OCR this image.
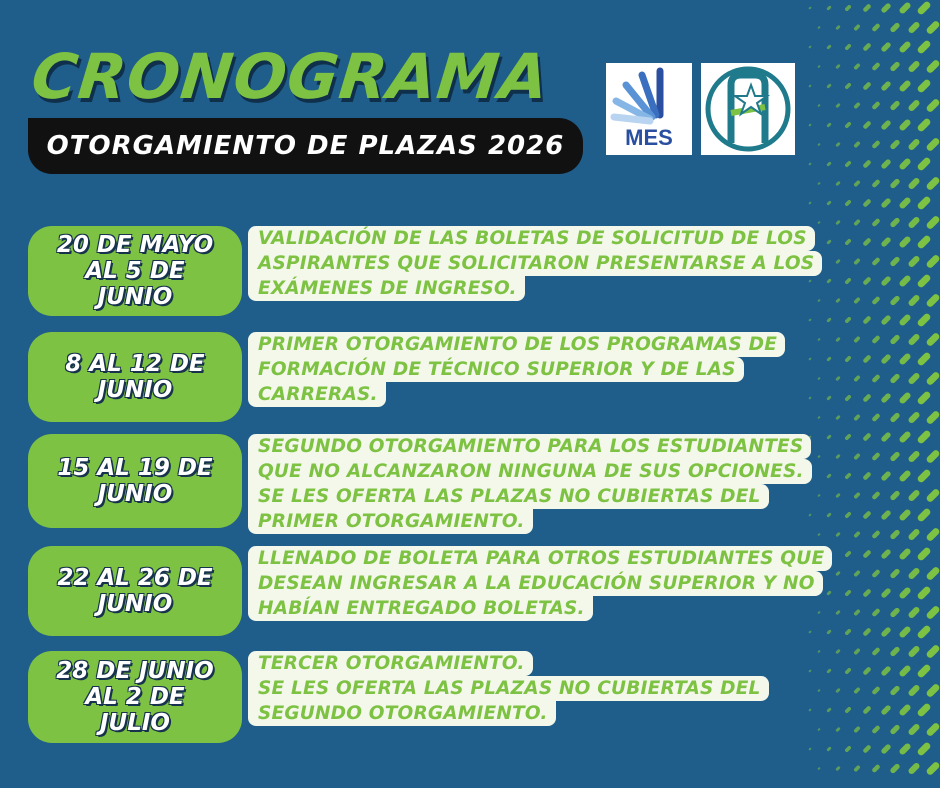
CRONOGRAMA
OTORGAMIENTO DE PLAZAS 2026	MES
20 DE MAYO
AL 5 DE
JUNIO
VALIDACIÓN DE LAS BOLETAS DE SOLICITUD DE LOS
ASPIRANTES QUE SOLICITARON PRESENTARSE A LOS
EXÁMENES DE INGRESO.
8 AL 12 DE
JUNIO
PRIMER OTORGAMIENTO DE LOS PROGRAMAS DE
FORMACIÓN DE TÉCNICO SUPERIOR Y DE LAS
CARRERAS.
15 AL 19 DE
JUNIO
SEGUNDO OTORGAMIENTO PARA LOS ESTUDIANTES
QUE NO ALCANZARON NINGUNA DE SUS OPCIONES.
SE LES OFERTA LAS PLAZAS NO CUBIERTAS DEL
PRIMER OTORGAMIENTO.
22 AL 26 DE
JUNIO
LLENADO DE BOLETA PARA OTROS ESTUDIANTES QUE
DESEAN INGRESAR A LA EDUCACIÓN SUPERIOR Y NO
HABÍAN ENTREGADO BOLETAS.
28 DE JUNIO
AL 2 DE
JULIO
TERCER OTORGAMIENTO.
SE LES OFERTA LAS PLAZAS NO CUBIERTAS DEL
SEGUNDO OTORGAMIENTO.
